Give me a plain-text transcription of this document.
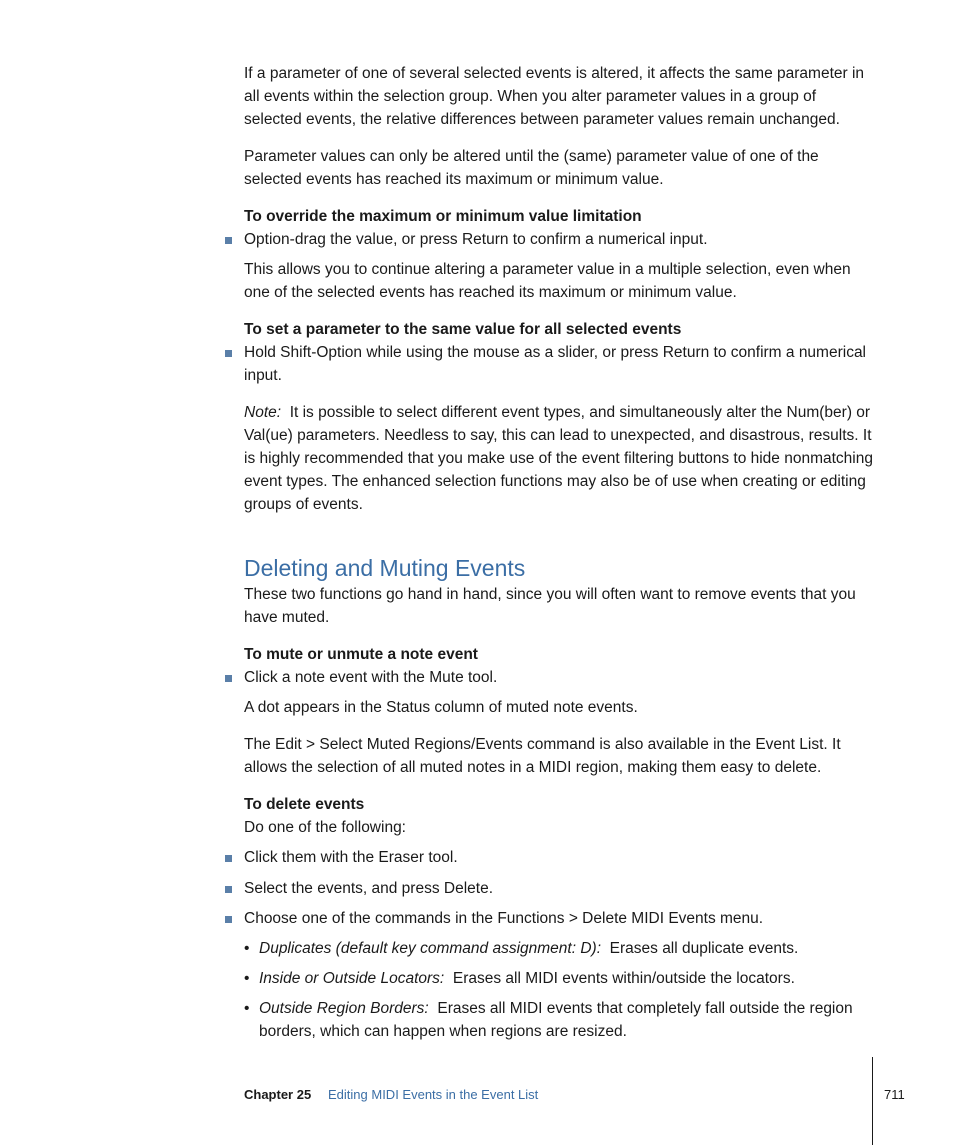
If a parameter of one of several selected events is altered, it affects the same parameter in all events within the selection group. When you alter parameter values in a group of selected events, the relative differences between parameter values remain unchanged.

Parameter values can only be altered until the (same) parameter value of one of the selected events has reached its maximum or minimum value.

To override the maximum or minimum value limitation

Option-drag the value, or press Return to confirm a numerical input.

This allows you to continue altering a parameter value in a multiple selection, even when one of the selected events has reached its maximum or minimum value.

To set a parameter to the same value for all selected events

Hold Shift-Option while using the mouse as a slider, or press Return to confirm a numerical input.

Note: It is possible to select different event types, and simultaneously alter the Num(ber) or Val(ue) parameters. Needless to say, this can lead to unexpected, and disastrous, results. It is highly recommended that you make use of the event filtering buttons to hide nonmatching event types. The enhanced selection functions may also be of use when creating or editing groups of events.

Deleting and Muting Events

These two functions go hand in hand, since you will often want to remove events that you have muted.

To mute or unmute a note event

Click a note event with the Mute tool.

A dot appears in the Status column of muted note events.

The Edit > Select Muted Regions/Events command is also available in the Event List. It allows the selection of all muted notes in a MIDI region, making them easy to delete.

To delete events

Do one of the following:

Click them with the Eraser tool.

Select the events, and press Delete.

Choose one of the commands in the Functions > Delete MIDI Events menu.

• Duplicates (default key command assignment: D): Erases all duplicate events.

• Inside or Outside Locators: Erases all MIDI events within/outside the locators.

• Outside Region Borders: Erases all MIDI events that completely fall outside the region borders, which can happen when regions are resized.

Chapter 25 Editing MIDI Events in the Event List	711
